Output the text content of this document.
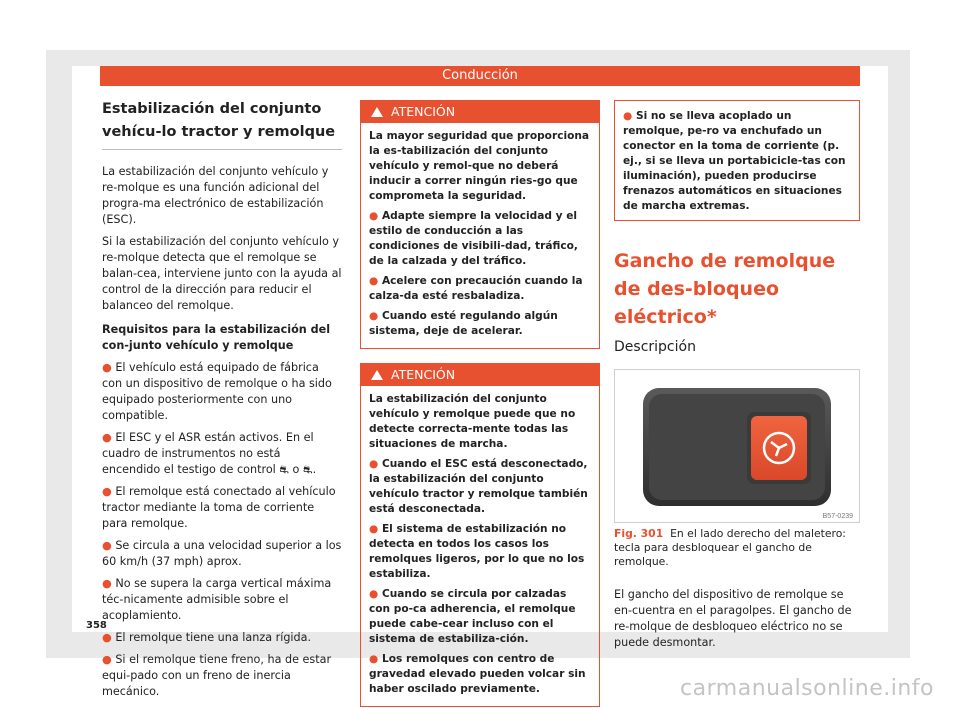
Conducción
Estabilización del conjunto vehícu-lo tractor y remolque

La estabilización del conjunto vehículo y re-molque es una función adicional del progra-ma electrónico de estabilización (ESC).

Si la estabilización del conjunto vehículo y re-molque detecta que el remolque se balan-cea, interviene junto con la ayuda al control de la dirección para reducir el balanceo del remolque.

Requisitos para la estabilización del con-junto vehículo y remolque

● El vehículo está equipado de fábrica con un dispositivo de remolque o ha sido equipado posteriormente con uno compatible.

● El ESC y el ASR están activos. En el cuadro de instrumentos no está encendido el testigo de control ⛐ o ⛐.

● El remolque está conectado al vehículo tractor mediante la toma de corriente para remolque.

● Se circula a una velocidad superior a los 60 km/h (37 mph) aprox.

● No se supera la carga vertical máxima téc-nicamente admisible sobre el acoplamiento.

● El remolque tiene una lanza rígida.

● Si el remolque tiene freno, ha de estar equi-pado con un freno de inercia mecánico.

ATENCIÓN

La mayor seguridad que proporciona la es-tabilización del conjunto vehículo y remol-que no deberá inducir a correr ningún ries-go que comprometa la seguridad.

● Adapte siempre la velocidad y el estilo de conducción a las condiciones de visibili-dad, tráfico, de la calzada y del tráfico.

● Acelere con precaución cuando la calza-da esté resbaladiza.

● Cuando esté regulando algún sistema, deje de acelerar.

ATENCIÓN

La estabilización del conjunto vehículo y remolque puede que no detecte correcta-mente todas las situaciones de marcha.

● Cuando el ESC está desconectado, la estabilización del conjunto vehículo tractor y remolque también está desconectada.

● El sistema de estabilización no detecta en todos los casos los remolques ligeros, por lo que no los estabiliza.

● Cuando se circula por calzadas con po-ca adherencia, el remolque puede cabe-cear incluso con el sistema de estabiliza-ción.

● Los remolques con centro de gravedad elevado pueden volcar sin haber oscilado previamente.

● Si no se lleva acoplado un remolque, pe-ro va enchufado un conector en la toma de corriente (p. ej., si se lleva un portabicicle-tas con iluminación), pueden producirse frenazos automáticos en situaciones de marcha extremas.
Gancho de remolque de des-bloqueo eléctrico*
Descripción
B57-0239
Fig. 301 En el lado derecho del maletero: tecla para desbloquear el gancho de remolque.

El gancho del dispositivo de remolque se en-cuentra en el paragolpes. El gancho de re-molque de desbloqueo eléctrico no se puede desmontar.

358
carmanualsonline.info
